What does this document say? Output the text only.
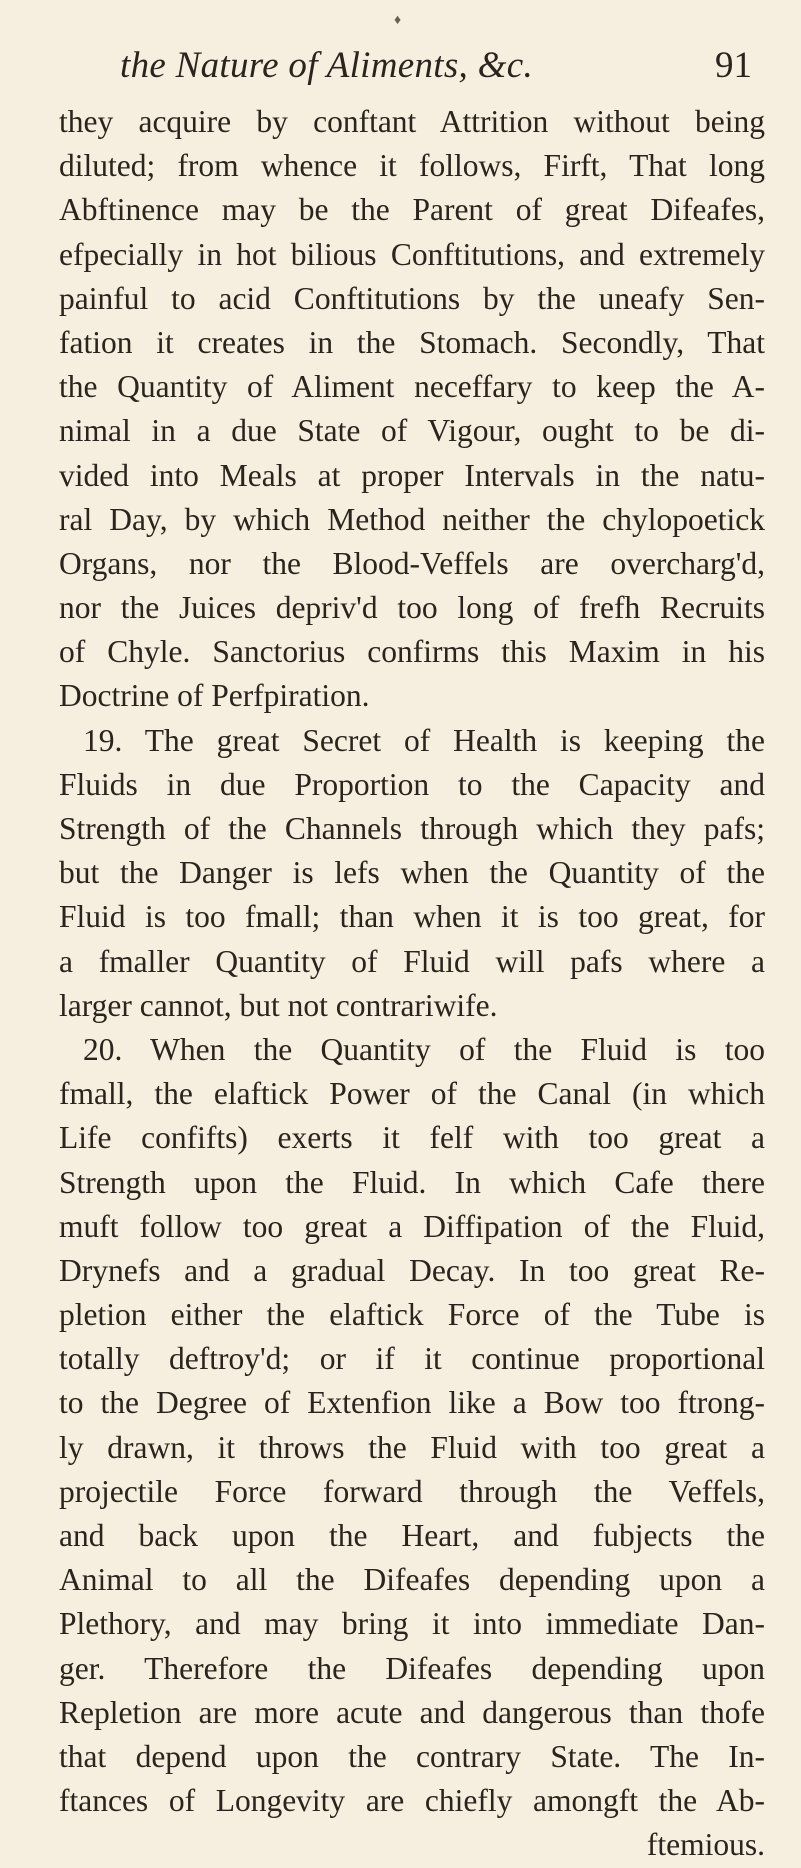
♦
the Nature of Aliments, &c.	91
they acquire by conftant Attrition without being
diluted; from whence it follows, Firft, That long
Abftinence may be the Parent of great Difeafes,
efpecially in hot bilious Conftitutions, and extremely
painful to acid Conftitutions by the uneafy Sen-
fation it creates in the Stomach. Secondly, That
the Quantity of Aliment neceffary to keep the A-
nimal in a due State of Vigour, ought to be di-
vided into Meals at proper Intervals in the natu-
ral Day, by which Method neither the chylopoetick
Organs, nor the Blood-Veffels are overcharg'd,
nor the Juices depriv'd too long of frefh Recruits
of Chyle. Sanctorius confirms this Maxim in his
Doctrine of Perfpiration.
19. The great Secret of Health is keeping the
Fluids in due Proportion to the Capacity and
Strength of the Channels through which they pafs;
but the Danger is lefs when the Quantity of the
Fluid is too fmall; than when it is too great, for
a fmaller Quantity of Fluid will pafs where a
larger cannot, but not contrariwife.
20. When the Quantity of the Fluid is too
fmall, the elaftick Power of the Canal (in which
Life confifts) exerts it felf with too great a
Strength upon the Fluid. In which Cafe there
muft follow too great a Diffipation of the Fluid,
Drynefs and a gradual Decay. In too great Re-
pletion either the elaftick Force of the Tube is
totally deftroy'd; or if it continue proportional
to the Degree of Extenfion like a Bow too ftrong-
ly drawn, it throws the Fluid with too great a
projectile Force forward through the Veffels,
and back upon the Heart, and fubjects the
Animal to all the Difeafes depending upon a
Plethory, and may bring it into immediate Dan-
ger. Therefore the Difeafes depending upon
Repletion are more acute and dangerous than thofe
that depend upon the contrary State. The In-
ftances of Longevity are chiefly amongft the Ab-
ftemious.
